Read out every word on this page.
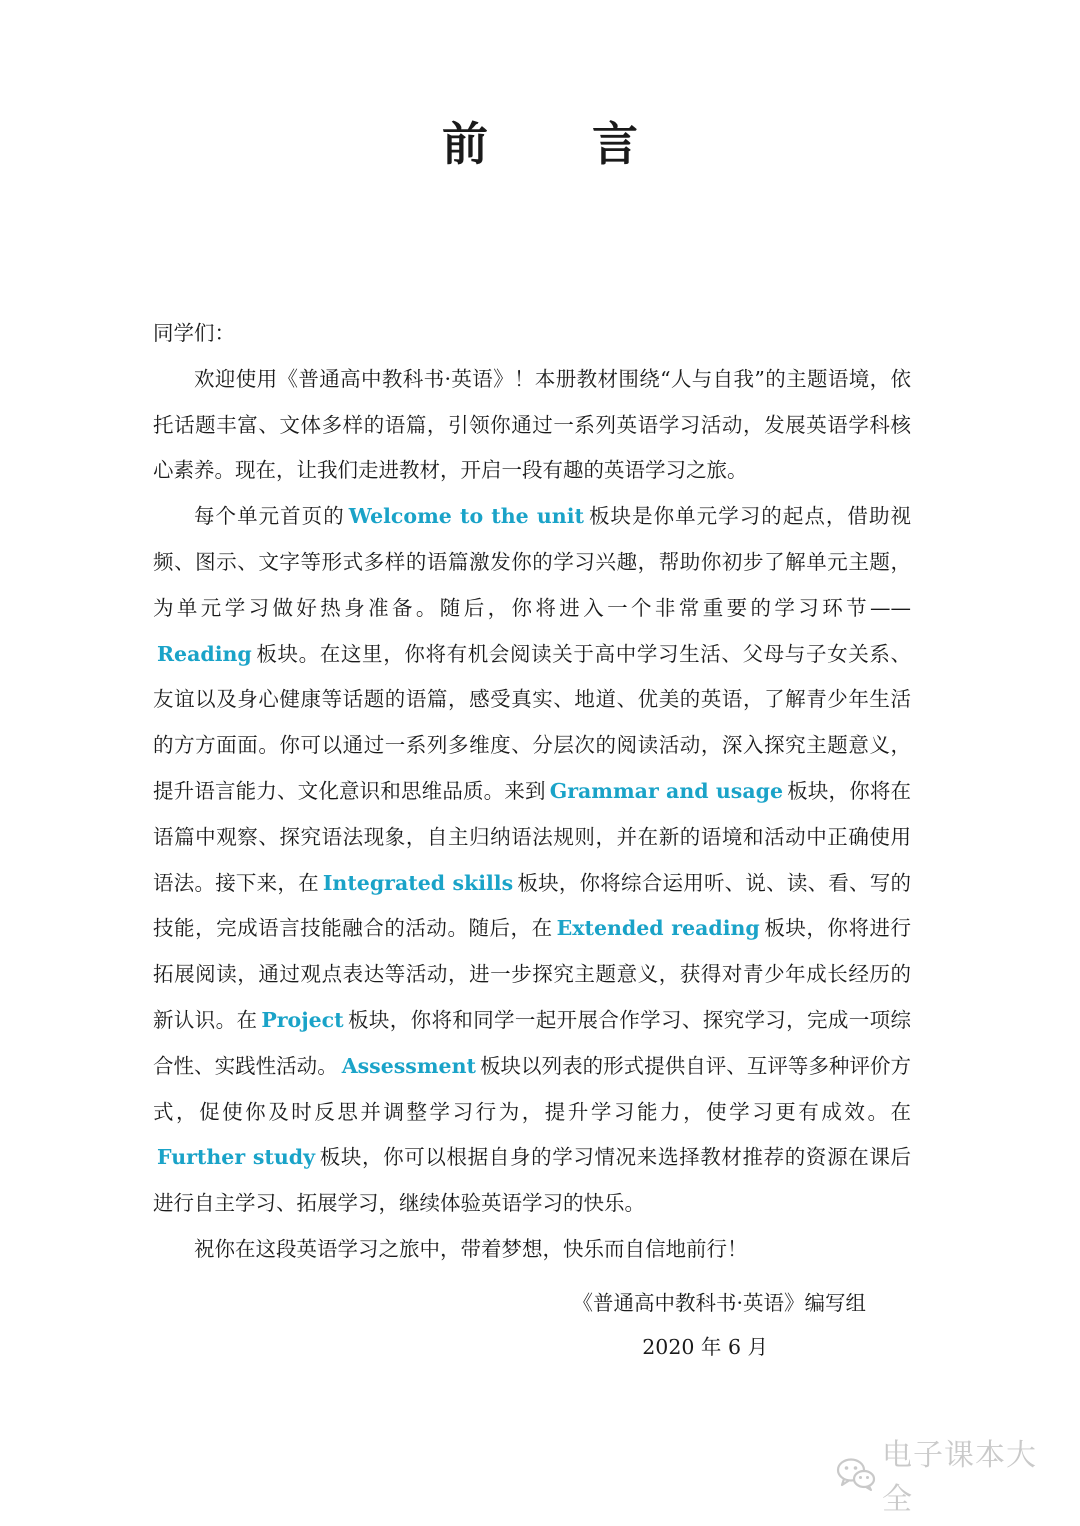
前 言

同学们：

欢迎使用《普通高中教科书·英语》！本册教材围绕“人与自我”的主题语境，依托话题丰富、文体多样的语篇，引领你通过一系列英语学习活动，发展英语学科核心素养。现在，让我们走进教材，开启一段有趣的英语学习之旅。

每个单元首页的 Welcome to the unit 板块是你单元学习的起点，借助视频、图示、文字等形式多样的语篇激发你的学习兴趣，帮助你初步了解单元主题，为单元学习做好热身准备。随后，你将进入一个非常重要的学习环节——Reading 板块。在这里，你将有机会阅读关于高中学习生活、父母与子女关系、友谊以及身心健康等话题的语篇，感受真实、地道、优美的英语，了解青少年生活的方方面面。你可以通过一系列多维度、分层次的阅读活动，深入探究主题意义，提升语言能力、文化意识和思维品质。来到 Grammar and usage 板块，你将在语篇中观察、探究语法现象，自主归纳语法规则，并在新的语境和活动中正确使用语法。接下来，在 Integrated skills 板块，你将综合运用听、说、读、看、写的技能，完成语言技能融合的活动。随后，在 Extended reading 板块，你将进行拓展阅读，通过观点表达等活动，进一步探究主题意义，获得对青少年成长经历的新认识。在 Project 板块，你将和同学一起开展合作学习、探究学习，完成一项综合性、实践性活动。 Assessment 板块以列表的形式提供自评、互评等多种评价方式，促使你及时反思并调整学习行为，提升学习能力，使学习更有成效。在Further study 板块，你可以根据自身的学习情况来选择教材推荐的资源在课后进行自主学习、拓展学习，继续体验英语学习的快乐。

祝你在这段英语学习之旅中，带着梦想，快乐而自信地前行！

《普通高中教科书·英语》编写组
2020 年 6 月
电子课本大全
